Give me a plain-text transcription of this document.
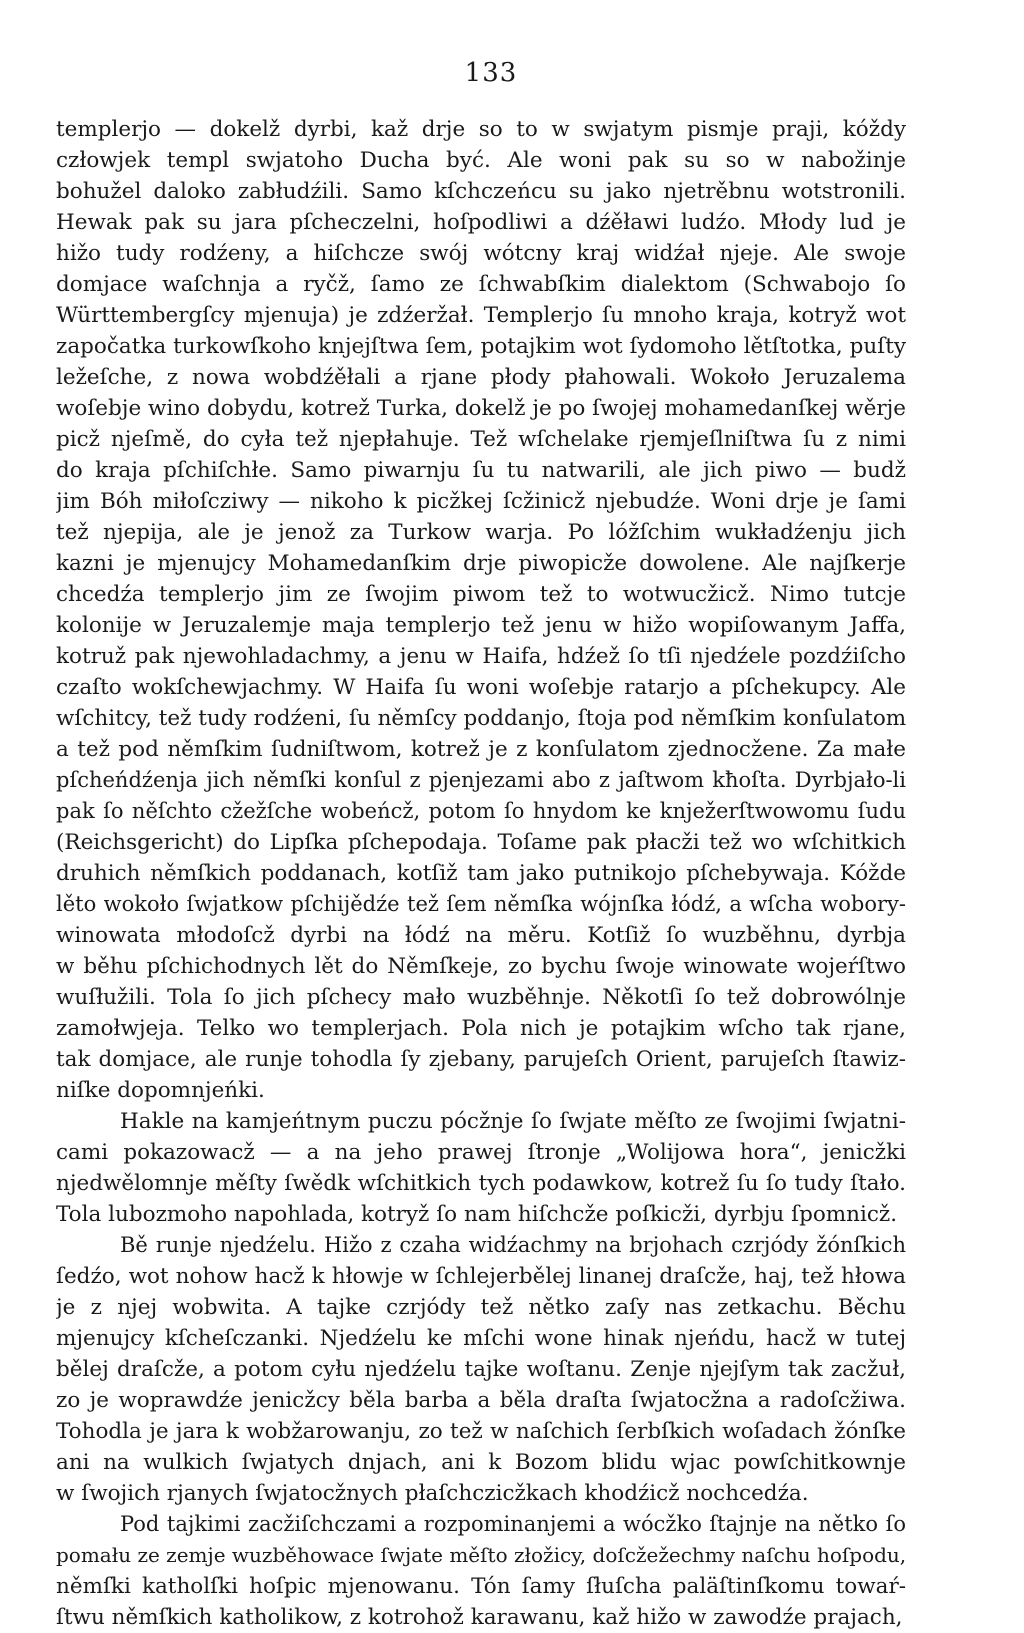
133
templerjo — dokelž dyrbi, kaž drje so to w swjatym pismje praji, kóždy
człowjek templ swjatoho Ducha być. Ale woni pak su so w nabožinje
bohužel daloko zabłudźili. Samo kſchczeńcu su jako njetrěbnu wotstronili.
Hewak pak su jara pſcheczelni, hoſpodliwi a dźěławi ludźo. Młody lud je
hižo tudy rodźeny, a hiſchcze swój wótcny kraj widźał njeje. Ale swoje
domjace waſchnja a ryčž, ſamo ze ſchwabſkim dialektom (Schwabojo ſo
Württembergſcy mjenuja) je zdźeržał. Templerjo ſu mnoho kraja, kotryž wot
započatka turkowſkoho knjejſtwa ſem, potajkim wot ſydomoho lětſtotka, puſty
ležeſche, z nowa wobdźěłali a rjane płody płahowali. Wokoło Jeruzalema
woſebje wino dobydu, kotrež Turka, dokelž je po ſwojej mohamedanſkej wěrje
picž njeſmě, do cyła tež njepłahuje. Tež wſchelake rjemjeſlniſtwa ſu z nimi
do kraja pſchiſchłe. Samo piwarnju ſu tu natwarili, ale jich piwo — budž
jim Bóh miłoſcziwy — nikoho k picžkej ſcžinicž njebudźe. Woni drje je ſami
tež njepija, ale je jenož za Turkow warja. Po lóžſchim wukładźenju jich
kazni je mjenujcy Mohamedanſkim drje piwopicže dowolene. Ale najſkerje
chcedźa templerjo jim ze ſwojim piwom tež to wotwucžicž. Nimo tutcje
kolonije w Jeruzalemje maja templerjo tež jenu w hižo wopiſowanym Jaffa,
kotruž pak njewohladachmy, a jenu w Haifa, hdźež ſo tſi njedźele pozdźiſcho
czaſto wokſchewjachmy. W Haifa ſu woni woſebje ratarjo a pſchekupcy. Ale
wſchitcy, tež tudy rodźeni, ſu němſcy poddanjo, ſtoja pod němſkim konſulatom
a tež pod němſkim ſudniſtwom, kotrež je z konſulatom zjednocžene. Za małe
pſcheńdźenja jich němſki konſul z pjenjezami abo z jaſtwom kħoſta. Dyrbjało-li
pak ſo něſchto cžežſche wobeńcž, potom ſo hnydom ke knježerſtwowomu ſudu
(Reichsgericht) do Lipſka pſchepodaja. Toſame pak płacži tež wo wſchitkich
druhich němſkich poddanach, kotſiž tam jako putnikojo pſchebywaja. Kóžde
lěto wokoło ſwjatkow pſchijědźe tež ſem němſka wójnſka łódź, a wſcha wobory-
winowata młodoſcž dyrbi na łódź na měru. Kotſiž ſo wuzběhnu, dyrbja
w běhu pſchichodnych lět do Němſkeje, zo bychu ſwoje winowate wojeŕſtwo
wuſłužili. Tola ſo jich pſchecy mało wuzběhnje. Někotſi ſo tež dobrowólnje
zamołwjeja. Telko wo templerjach. Pola nich je potajkim wſcho tak rjane,
tak domjace, ale runje tohodla ſy zjebany, parujeſch Orient, parujeſch ſtawiz-
niſke dopomnjeńki.
Hakle na kamjeńtnym puczu pócžnje ſo ſwjate měſto ze ſwojimi ſwjatni-
cami pokazowacž — a na jeho prawej ſtronje „Wolijowa hora“, jenicžki
njedwělomnje měſty ſwědk wſchitkich tych podawkow, kotrež ſu ſo tudy ſtało.
Tola lubozmoho napohlada, kotryž ſo nam hiſchcže poſkicži, dyrbju ſpomnicž.
Bě runje njedźelu. Hižo z czaha widźachmy na brjohach czrjódy žónſkich
ſedźo, wot nohow hacž k hłowje w ſchlejerbělej linanej draſcže, haj, tež hłowa
je z njej wobwita. A tajke czrjódy tež nětko zaſy nas zetkachu. Běchu
mjenujcy kſcheſczanki. Njedźelu ke mſchi wone hinak njeńdu, hacž w tutej
bělej draſcže, a potom cyłu njedźelu tajke woſtanu. Zenje njejſym tak zacžuł,
zo je woprawdźe jenicžcy běla barba a běla draſta ſwjatocžna a radoſcžiwa.
Tohodla je jara k wobžarowanju, zo tež w naſchich ſerbſkich woſadach žónſke
ani na wulkich ſwjatych dnjach, ani k Bozom blidu wjac powſchitkownje
w ſwojich rjanych ſwjatocžnych płaſchczicžkach khodźicž nochcedźa.
Pod tajkimi zacžiſchczami a rozpominanjemi a wócžko ſtajnje na nětko ſo
pomału ze zemje wuzběhowace ſwjate měſto złožicy, doſcžežechmy naſchu hoſpodu,
němſki katholſki hoſpic mjenowanu. Tón ſamy ſłuſcha paläſtinſkomu towaŕ-
ſtwu němſkich katholikow, z kotrohož karawanu, kaž hižo w zawodźe prajach,
